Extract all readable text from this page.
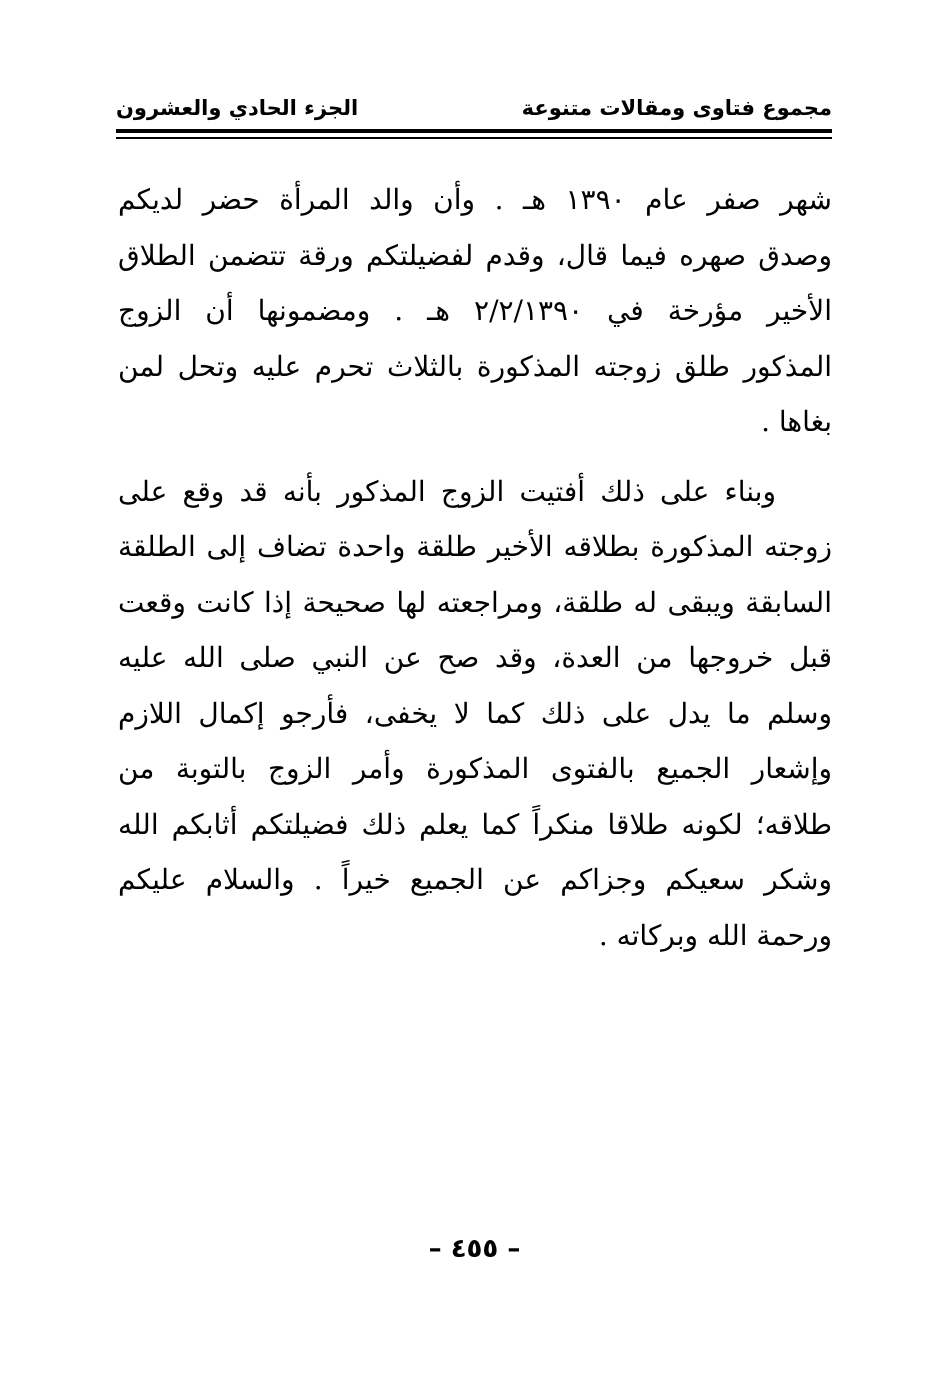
مجموع فتاوى ومقالات متنوعة
الجزء الحادي والعشرون
شهر صفر عام ١٣٩٠ هـ . وأن والد المرأة حضر لديكم
وصدق صهره فيما قال، وقدم لفضيلتكم ورقة تتضمن الطلاق
الأخير مؤرخة في ٢/٢/١٣٩٠ هـ . ومضمونها أن الزوج
المذكور طلق زوجته المذكورة بالثلاث تحرم عليه وتحل لمن
بغاها .
وبناء على ذلك أفتيت الزوج المذكور بأنه قد وقع على
زوجته المذكورة بطلاقه الأخير طلقة واحدة تضاف إلى الطلقة
السابقة ويبقى له طلقة، ومراجعته لها صحيحة إذا كانت وقعت
قبل خروجها من العدة، وقد صح عن النبي صلى الله عليه
وسلم ما يدل على ذلك كما لا يخفى، فأرجو إكمال اللازم
وإشعار الجميع بالفتوى المذكورة وأمر الزوج بالتوبة من
طلاقه؛ لكونه طلاقا منكراً كما يعلم ذلك فضيلتكم أثابكم الله
وشكر سعيكم وجزاكم عن الجميع خيراً . والسلام عليكم
ورحمة الله وبركاته .
– ٤٥٥ –
